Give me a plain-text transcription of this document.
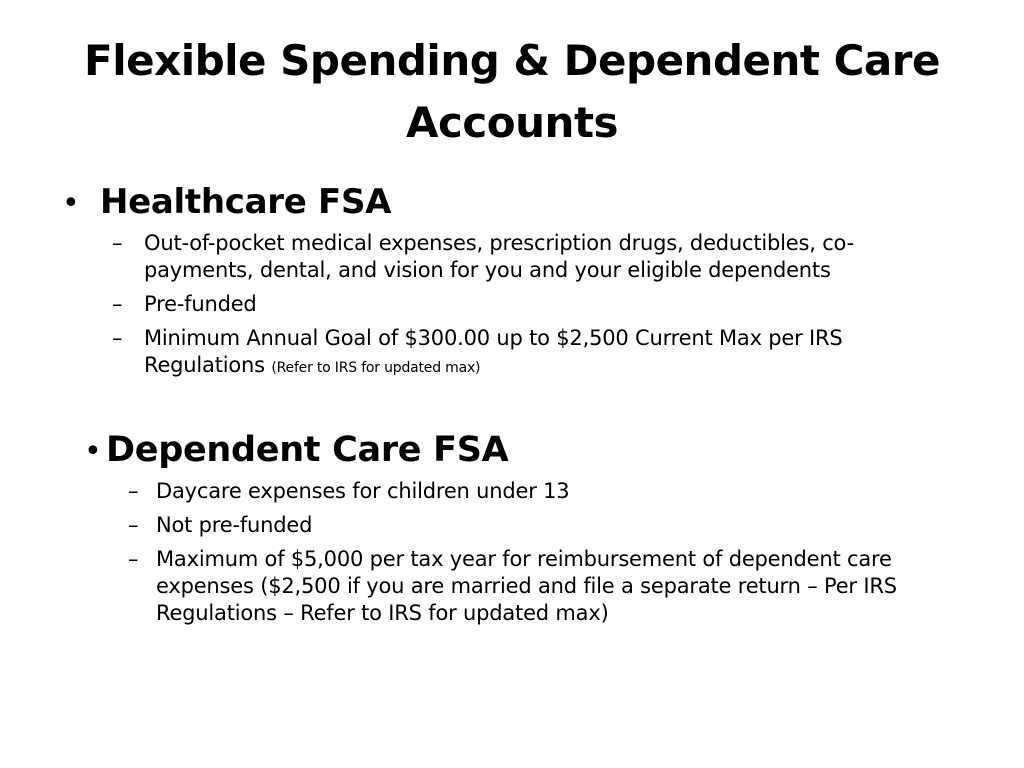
Flexible Spending & Dependent Care Accounts
• Healthcare FSA
–	Out-of-pocket medical expenses, prescription drugs, deductibles, co-payments, dental, and vision for you and your eligible dependents
–	Pre-funded
–	Minimum Annual Goal of $300.00 up to $2,500 Current Max per IRS Regulations (Refer to IRS for updated max)
• Dependent Care FSA
– Daycare expenses for children under 13
– Not pre-funded
– Maximum of $5,000 per tax year for reimbursement of dependent care expenses ($2,500 if you are married and file a separate return – Per IRS Regulations – Refer to IRS for updated max)
